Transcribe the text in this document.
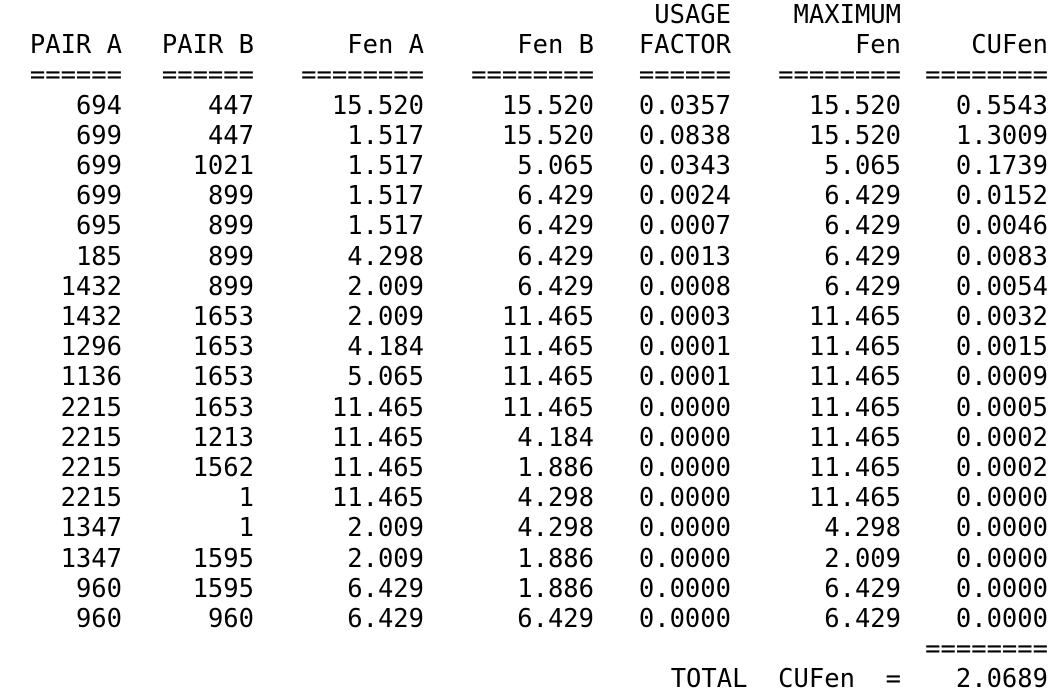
				USAGE	MAXIMUM	
PAIR A	PAIR B	Fen A	Fen B	FACTOR	Fen	CUFen
======	======	========	========	======	========	========
694	447	15.520	15.520	0.0357	15.520	0.5543
699	447	1.517	15.520	0.0838	15.520	1.3009
699	1021	1.517	5.065	0.0343	5.065	0.1739
699	899	1.517	6.429	0.0024	6.429	0.0152
695	899	1.517	6.429	0.0007	6.429	0.0046
185	899	4.298	6.429	0.0013	6.429	0.0083
1432	899	2.009	6.429	0.0008	6.429	0.0054
1432	1653	2.009	11.465	0.0003	11.465	0.0032
1296	1653	4.184	11.465	0.0001	11.465	0.0015
1136	1653	5.065	11.465	0.0001	11.465	0.0009
2215	1653	11.465	11.465	0.0000	11.465	0.0005
2215	1213	11.465	4.184	0.0000	11.465	0.0002
2215	1562	11.465	1.886	0.0000	11.465	0.0002
2215	1	11.465	4.298	0.0000	11.465	0.0000
1347	1	2.009	4.298	0.0000	4.298	0.0000
1347	1595	2.009	1.886	0.0000	2.009	0.0000
960	1595	6.429	1.886	0.0000	6.429	0.0000
960	960	6.429	6.429	0.0000	6.429	0.0000
						========
				TOTAL  CUFen  =		2.0689
